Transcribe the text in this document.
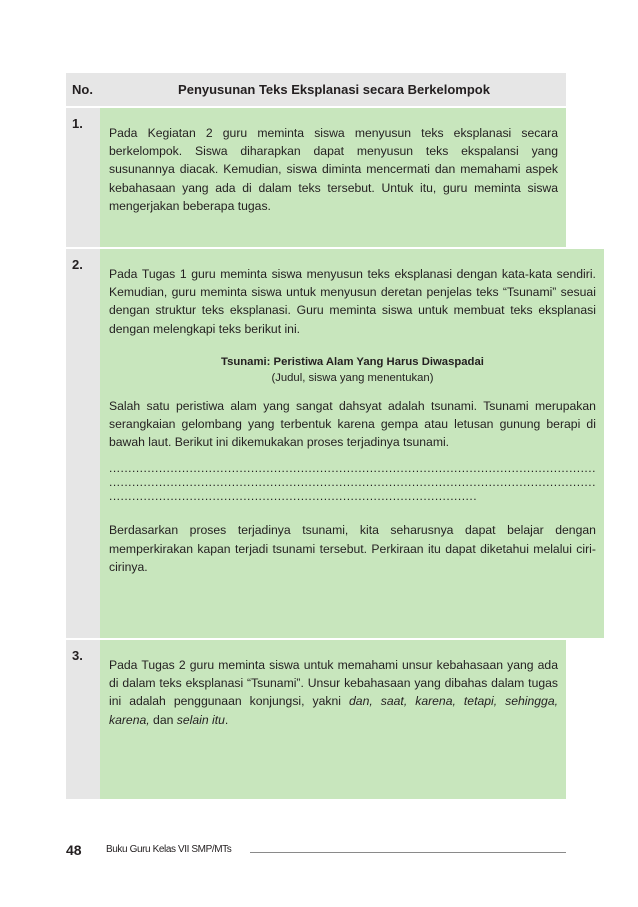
No.	Penyusunan Teks Eksplanasi secara Berkelompok
1.

Pada Kegiatan 2 guru meminta siswa menyusun teks eksplanasi secara berkelompok. Siswa diharapkan dapat menyusun teks ekspalansi yang susunannya diacak. Kemudian, siswa diminta mencermati dan memahami aspek kebahasaan yang ada di dalam teks tersebut. Untuk itu, guru meminta siswa mengerjakan beberapa tugas.

2.

Pada Tugas 1 guru meminta siswa menyusun teks eksplanasi dengan kata-kata sendiri. Kemudian, guru meminta siswa untuk menyusun deretan penjelas teks “Tsunami” sesuai dengan struktur teks eksplanasi. Guru meminta siswa untuk membuat teks eksplanasi dengan melengkapi teks berikut ini.

Tsunami: Peristiwa Alam Yang Harus Diwaspadai
(Judul, siswa yang menentukan)

Salah satu peristiwa alam yang sangat dahsyat adalah tsunami. Tsunami merupakan serangkaian gelombang yang terbentuk karena gempa atau letusan gunung berapi di bawah laut. Berikut ini dikemukakan proses terjadinya tsunami.

...............................................................................................................................
...............................................................................................................................
................................................................................................

Berdasarkan proses terjadinya tsunami, kita seharusnya dapat belajar dengan memperkirakan kapan terjadi tsunami tersebut. Perkiraan itu dapat diketahui melalui ciri-cirinya.

3.

Pada Tugas 2 guru meminta siswa untuk memahami unsur kebahasaan yang ada di dalam teks eksplanasi “Tsunami”. Unsur kebahasaan yang dibahas dalam tugas ini adalah penggunaan konjungsi, yakni dan, saat, karena, tetapi, sehingga, karena, dan selain itu.

48 Buku Guru Kelas VII SMP/MTs
